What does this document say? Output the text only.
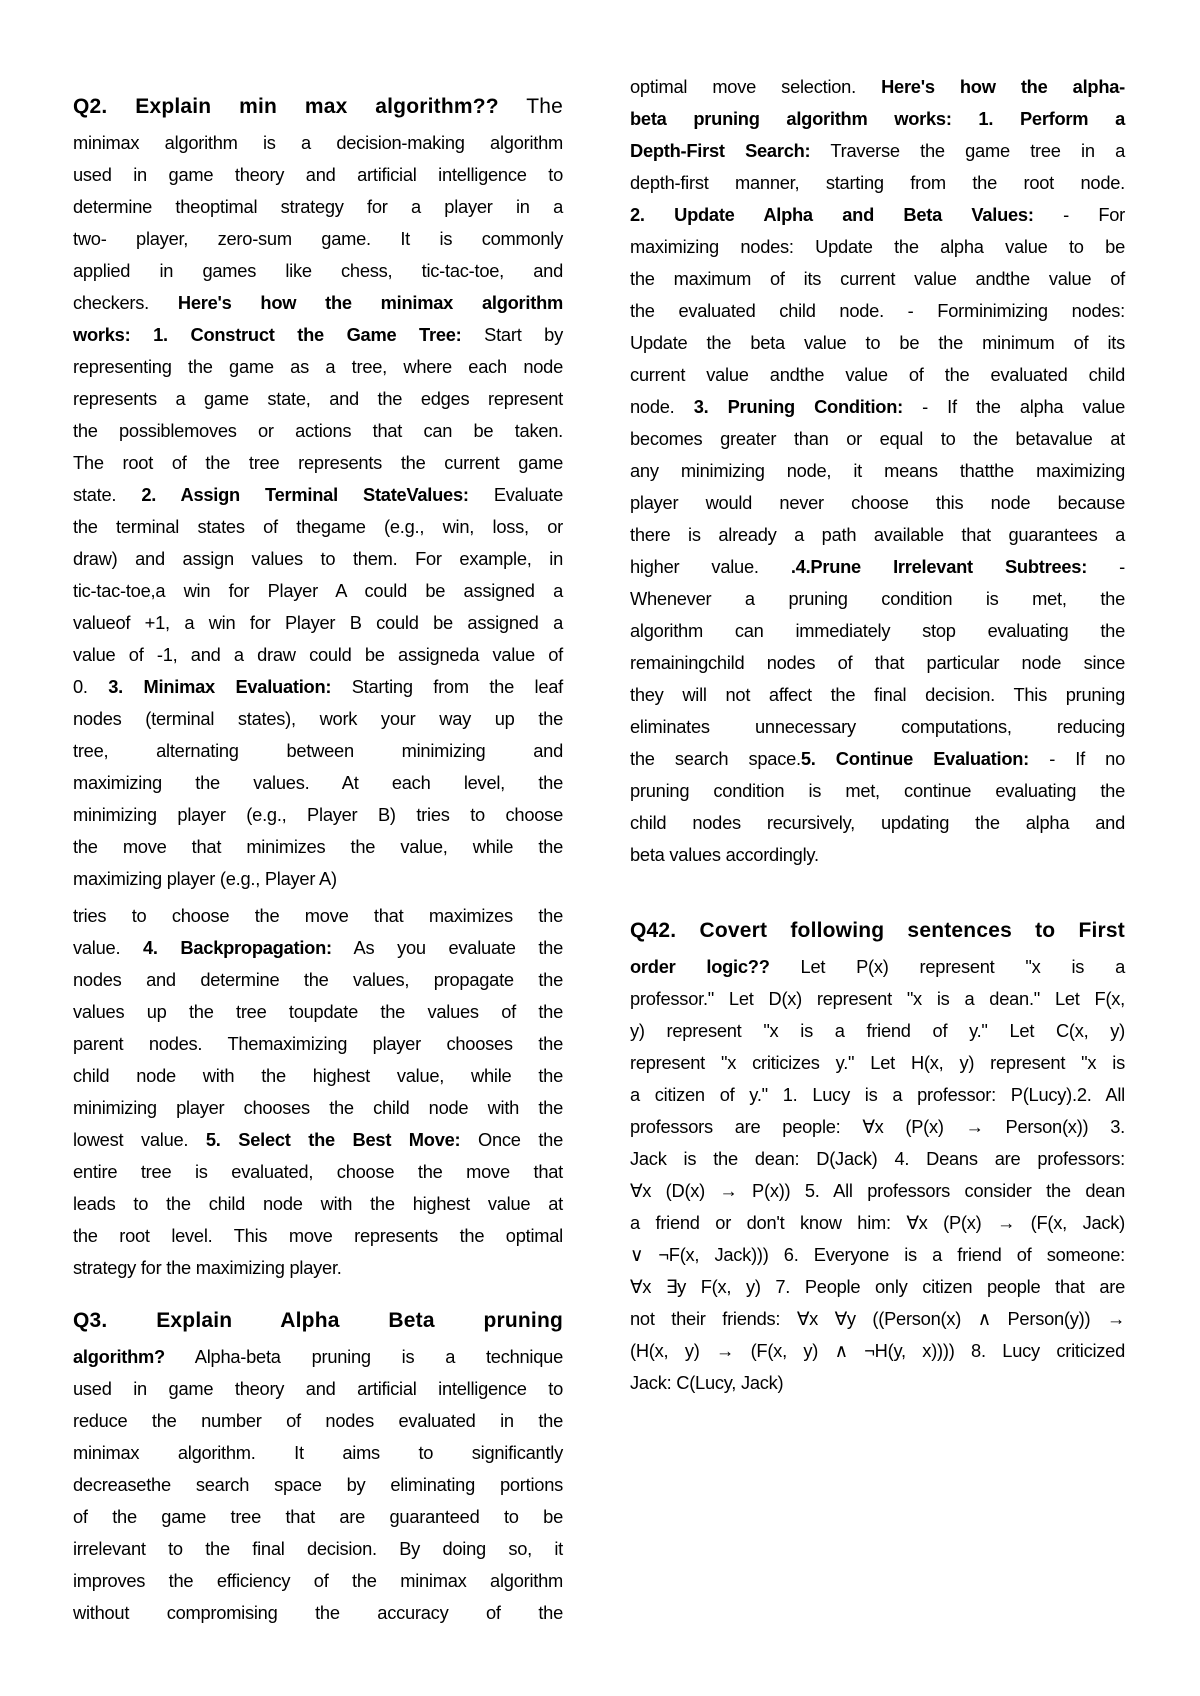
Q2. Explain min max algorithm?? The
minimax algorithm is a decision-making algorithm
used in game theory and artificial intelligence to
determine theoptimal strategy for a player in a
two- player, zero-sum game. It is commonly
applied in games like chess, tic-tac-toe, and
checkers. Here's how the minimax algorithm
works: 1. Construct the Game Tree: Start by
representing the game as a tree, where each node
represents a game state, and the edges represent
the possiblemoves or actions that can be taken.
The root of the tree represents the current game
state. 2. Assign Terminal StateValues: Evaluate
the terminal states of thegame (e.g., win, loss, or
draw) and assign values to them. For example, in
tic-tac-toe,a win for Player A could be assigned a
valueof +1, a win for Player B could be assigned a
value of -1, and a draw could be assigneda value of
0. 3. Minimax Evaluation: Starting from the leaf
nodes (terminal states), work your way up the
tree, alternating between minimizing and
maximizing the values. At each level, the
minimizing player (e.g., Player B) tries to choose
the move that minimizes the value, while the
maximizing player (e.g., Player A)
tries to choose the move that maximizes the
value. 4. Backpropagation: As you evaluate the
nodes and determine the values, propagate the
values up the tree toupdate the values of the
parent nodes. Themaximizing player chooses the
child node with the highest value, while the
minimizing player chooses the child node with the
lowest value. 5. Select the Best Move: Once the
entire tree is evaluated, choose the move that
leads to the child node with the highest value at
the root level. This move represents the optimal
strategy for the maximizing player.
Q3. Explain Alpha Beta pruning
algorithm? Alpha-beta pruning is a technique
used in game theory and artificial intelligence to
reduce the number of nodes evaluated in the
minimax algorithm. It aims to significantly
decreasethe search space by eliminating portions
of the game tree that are guaranteed to be
irrelevant to the final decision. By doing so, it
improves the efficiency of the minimax algorithm
without compromising the accuracy of the
optimal move selection. Here's how the alpha-
beta pruning algorithm works: 1. Perform a
Depth-First Search: Traverse the game tree in a
depth-first manner, starting from the root node.
2. Update Alpha and Beta Values: - For
maximizing nodes: Update the alpha value to be
the maximum of its current value andthe value of
the evaluated child node. - Forminimizing nodes:
Update the beta value to be the minimum of its
current value andthe value of the evaluated child
node. 3. Pruning Condition: - If the alpha value
becomes greater than or equal to the betavalue at
any minimizing node, it means thatthe maximizing
player would never choose this node because
there is already a path available that guarantees a
higher value. .4.Prune Irrelevant Subtrees: -
Whenever a pruning condition is met, the
algorithm can immediately stop evaluating the
remainingchild nodes of that particular node since
they will not affect the final decision. This pruning
eliminates unnecessary computations, reducing
the search space.5. Continue Evaluation: - If no
pruning condition is met, continue evaluating the
child nodes recursively, updating the alpha and
beta values accordingly.
Q42. Covert following sentences to First
order logic?? Let P(x) represent "x is a
professor." Let D(x) represent "x is a dean." Let F(x,
y) represent "x is a friend of y." Let C(x, y)
represent "x criticizes y." Let H(x, y) represent "x is
a citizen of y." 1. Lucy is a professor: P(Lucy).2. All
professors are people: ∀x (P(x) → Person(x)) 3.
Jack is the dean: D(Jack) 4. Deans are professors:
∀x (D(x) → P(x)) 5. All professors consider the dean
a friend or don't know him: ∀x (P(x) → (F(x, Jack)
∨ ¬F(x, Jack))) 6. Everyone is a friend of someone:
∀x ∃y F(x, y) 7. People only citizen people that are
not their friends: ∀x ∀y ((Person(x) ∧ Person(y)) →
(H(x, y) → (F(x, y) ∧ ¬H(y, x)))) 8. Lucy criticized
Jack: C(Lucy, Jack)
